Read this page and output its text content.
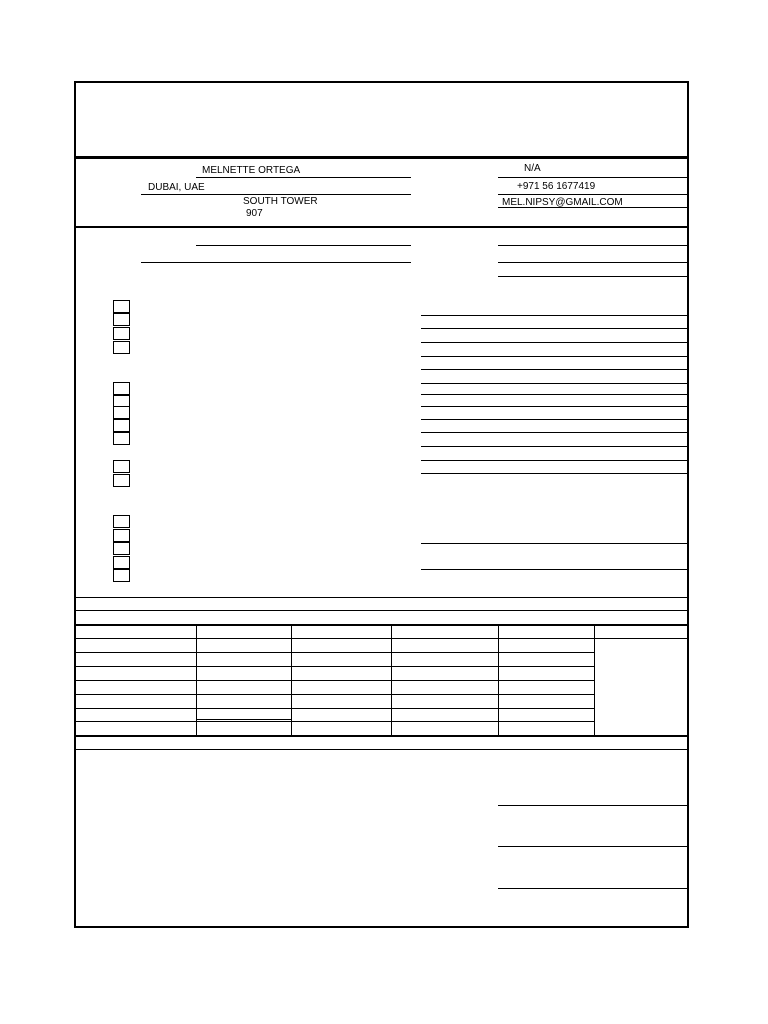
MELNETTE ORTEGA
DUBAI, UAE
SOUTH TOWER
907
N/A
+971 56 1677419
MEL.NIPSY@GMAIL.COM
